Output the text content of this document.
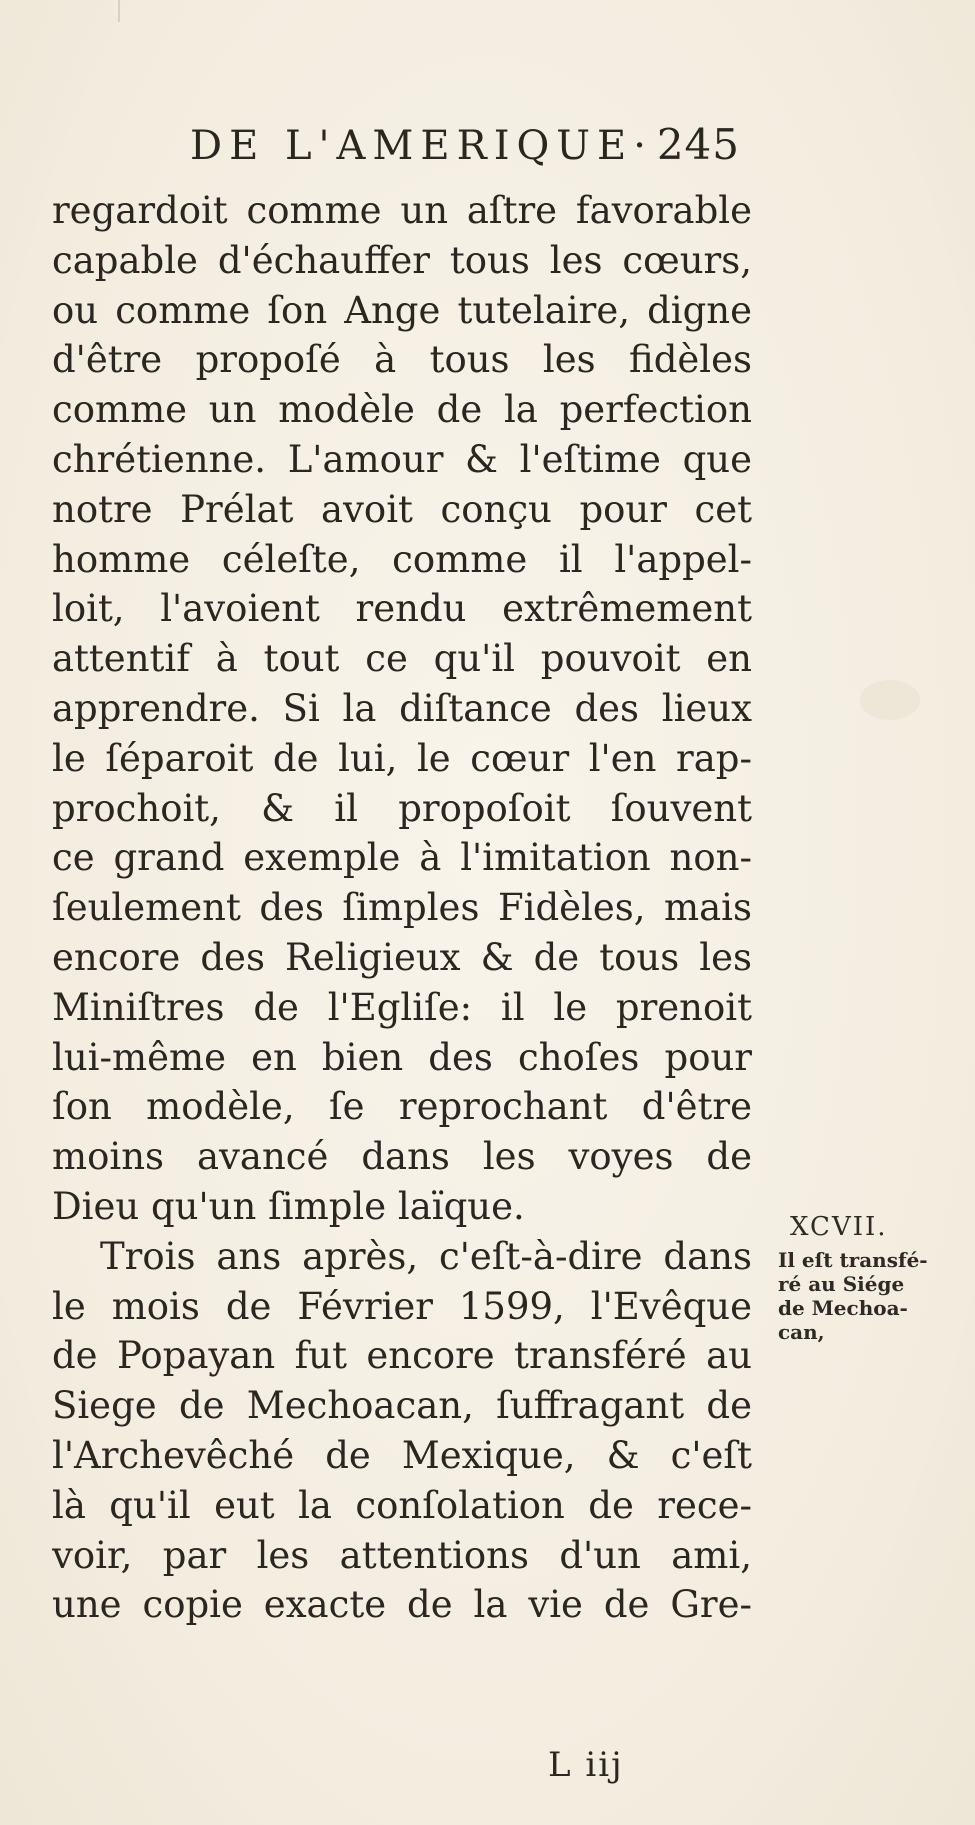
DE L'AMERIQUE· 245
regardoit comme un aſtre favorable
capable d'échauffer tous les cœurs,
ou comme ſon Ange tutelaire, digne
d'être propoſé à tous les fidèles
comme un modèle de la perfection
chrétienne. L'amour & l'eſtime que
notre Prélat avoit conçu pour cet
homme céleſte, comme il l'appel-
loit, l'avoient rendu extrêmement
attentif à tout ce qu'il pouvoit en
apprendre. Si la diſtance des lieux
le ſéparoit de lui, le cœur l'en rap-
prochoit, & il propoſoit ſouvent
ce grand exemple à l'imitation non-
ſeulement des ſimples Fidèles, mais
encore des Religieux & de tous les
Miniſtres de l'Egliſe: il le prenoit
lui-même en bien des choſes pour
ſon modèle, ſe reprochant d'être
moins avancé dans les voyes de
Dieu qu'un ſimple laïque.
Trois ans après, c'eſt-à-dire dans
le mois de Février 1599, l'Evêque
de Popayan fut encore transféré au
Siege de Mechoacan, ſuffragant de
l'Archevêché de Mexique, & c'eſt
là qu'il eut la conſolation de rece-
voir, par les attentions d'un ami,
une copie exacte de la vie de Gre-
XCVII.
Il eſt transfé-
ré au Siége
de Mechoa-
can,
L iij
